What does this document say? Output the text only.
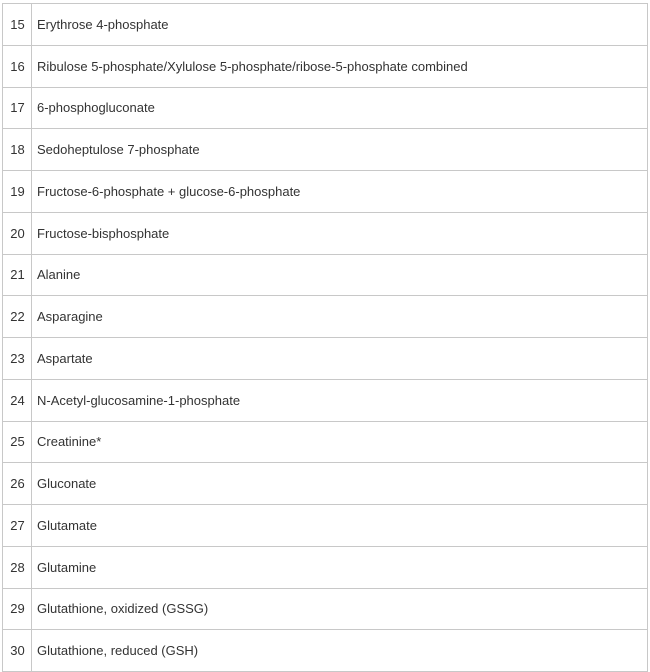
15	Erythrose 4-phosphate
16	Ribulose 5-phosphate/Xylulose 5-phosphate/ribose-5-phosphate combined
17	6-phosphogluconate
18	Sedoheptulose 7-phosphate
19	Fructose-6-phosphate + glucose-6-phosphate
20	Fructose-bisphosphate
21	Alanine
22	Asparagine
23	Aspartate
24	N-Acetyl-glucosamine-1-phosphate
25	Creatinine*
26	Gluconate
27	Glutamate
28	Glutamine
29	Glutathione, oxidized (GSSG)
30	Glutathione, reduced (GSH)
